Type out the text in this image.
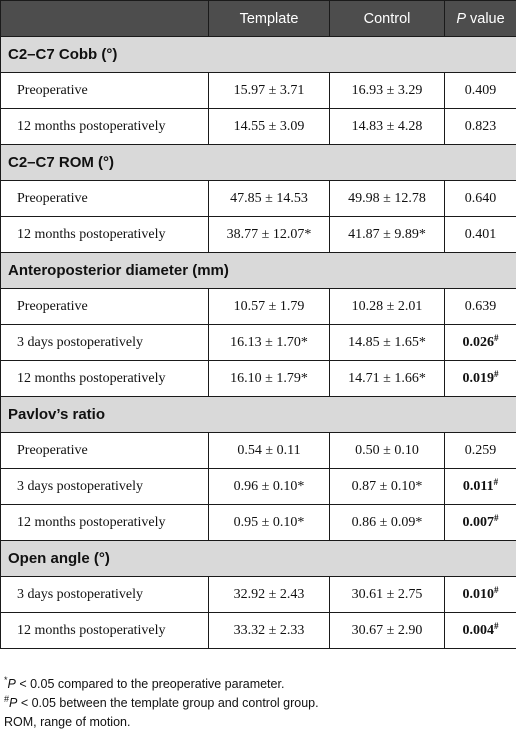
	Template	Control	P value
C2–C7 Cobb (°)			
Preoperative	15.97 ± 3.71	16.93 ± 3.29	0.409
12 months postoperatively	14.55 ± 3.09	14.83 ± 4.28	0.823
C2–C7 ROM (°)			
Preoperative	47.85 ± 14.53	49.98 ± 12.78	0.640
12 months postoperatively	38.77 ± 12.07*	41.87 ± 9.89*	0.401
Anteroposterior diameter (mm)			
Preoperative	10.57 ± 1.79	10.28 ± 2.01	0.639
3 days postoperatively	16.13 ± 1.70*	14.85 ± 1.65*	0.026#
12 months postoperatively	16.10 ± 1.79*	14.71 ± 1.66*	0.019#
Pavlov’s ratio			
Preoperative	0.54 ± 0.11	0.50 ± 0.10	0.259
3 days postoperatively	0.96 ± 0.10*	0.87 ± 0.10*	0.011#
12 months postoperatively	0.95 ± 0.10*	0.86 ± 0.09*	0.007#
Open angle (°)			
3 days postoperatively	32.92 ± 2.43	30.61 ± 2.75	0.010#
12 months postoperatively	33.32 ± 2.33	30.67 ± 2.90	0.004#
*P < 0.05 compared to the preoperative parameter.
#P < 0.05 between the template group and control group.
ROM, range of motion.
